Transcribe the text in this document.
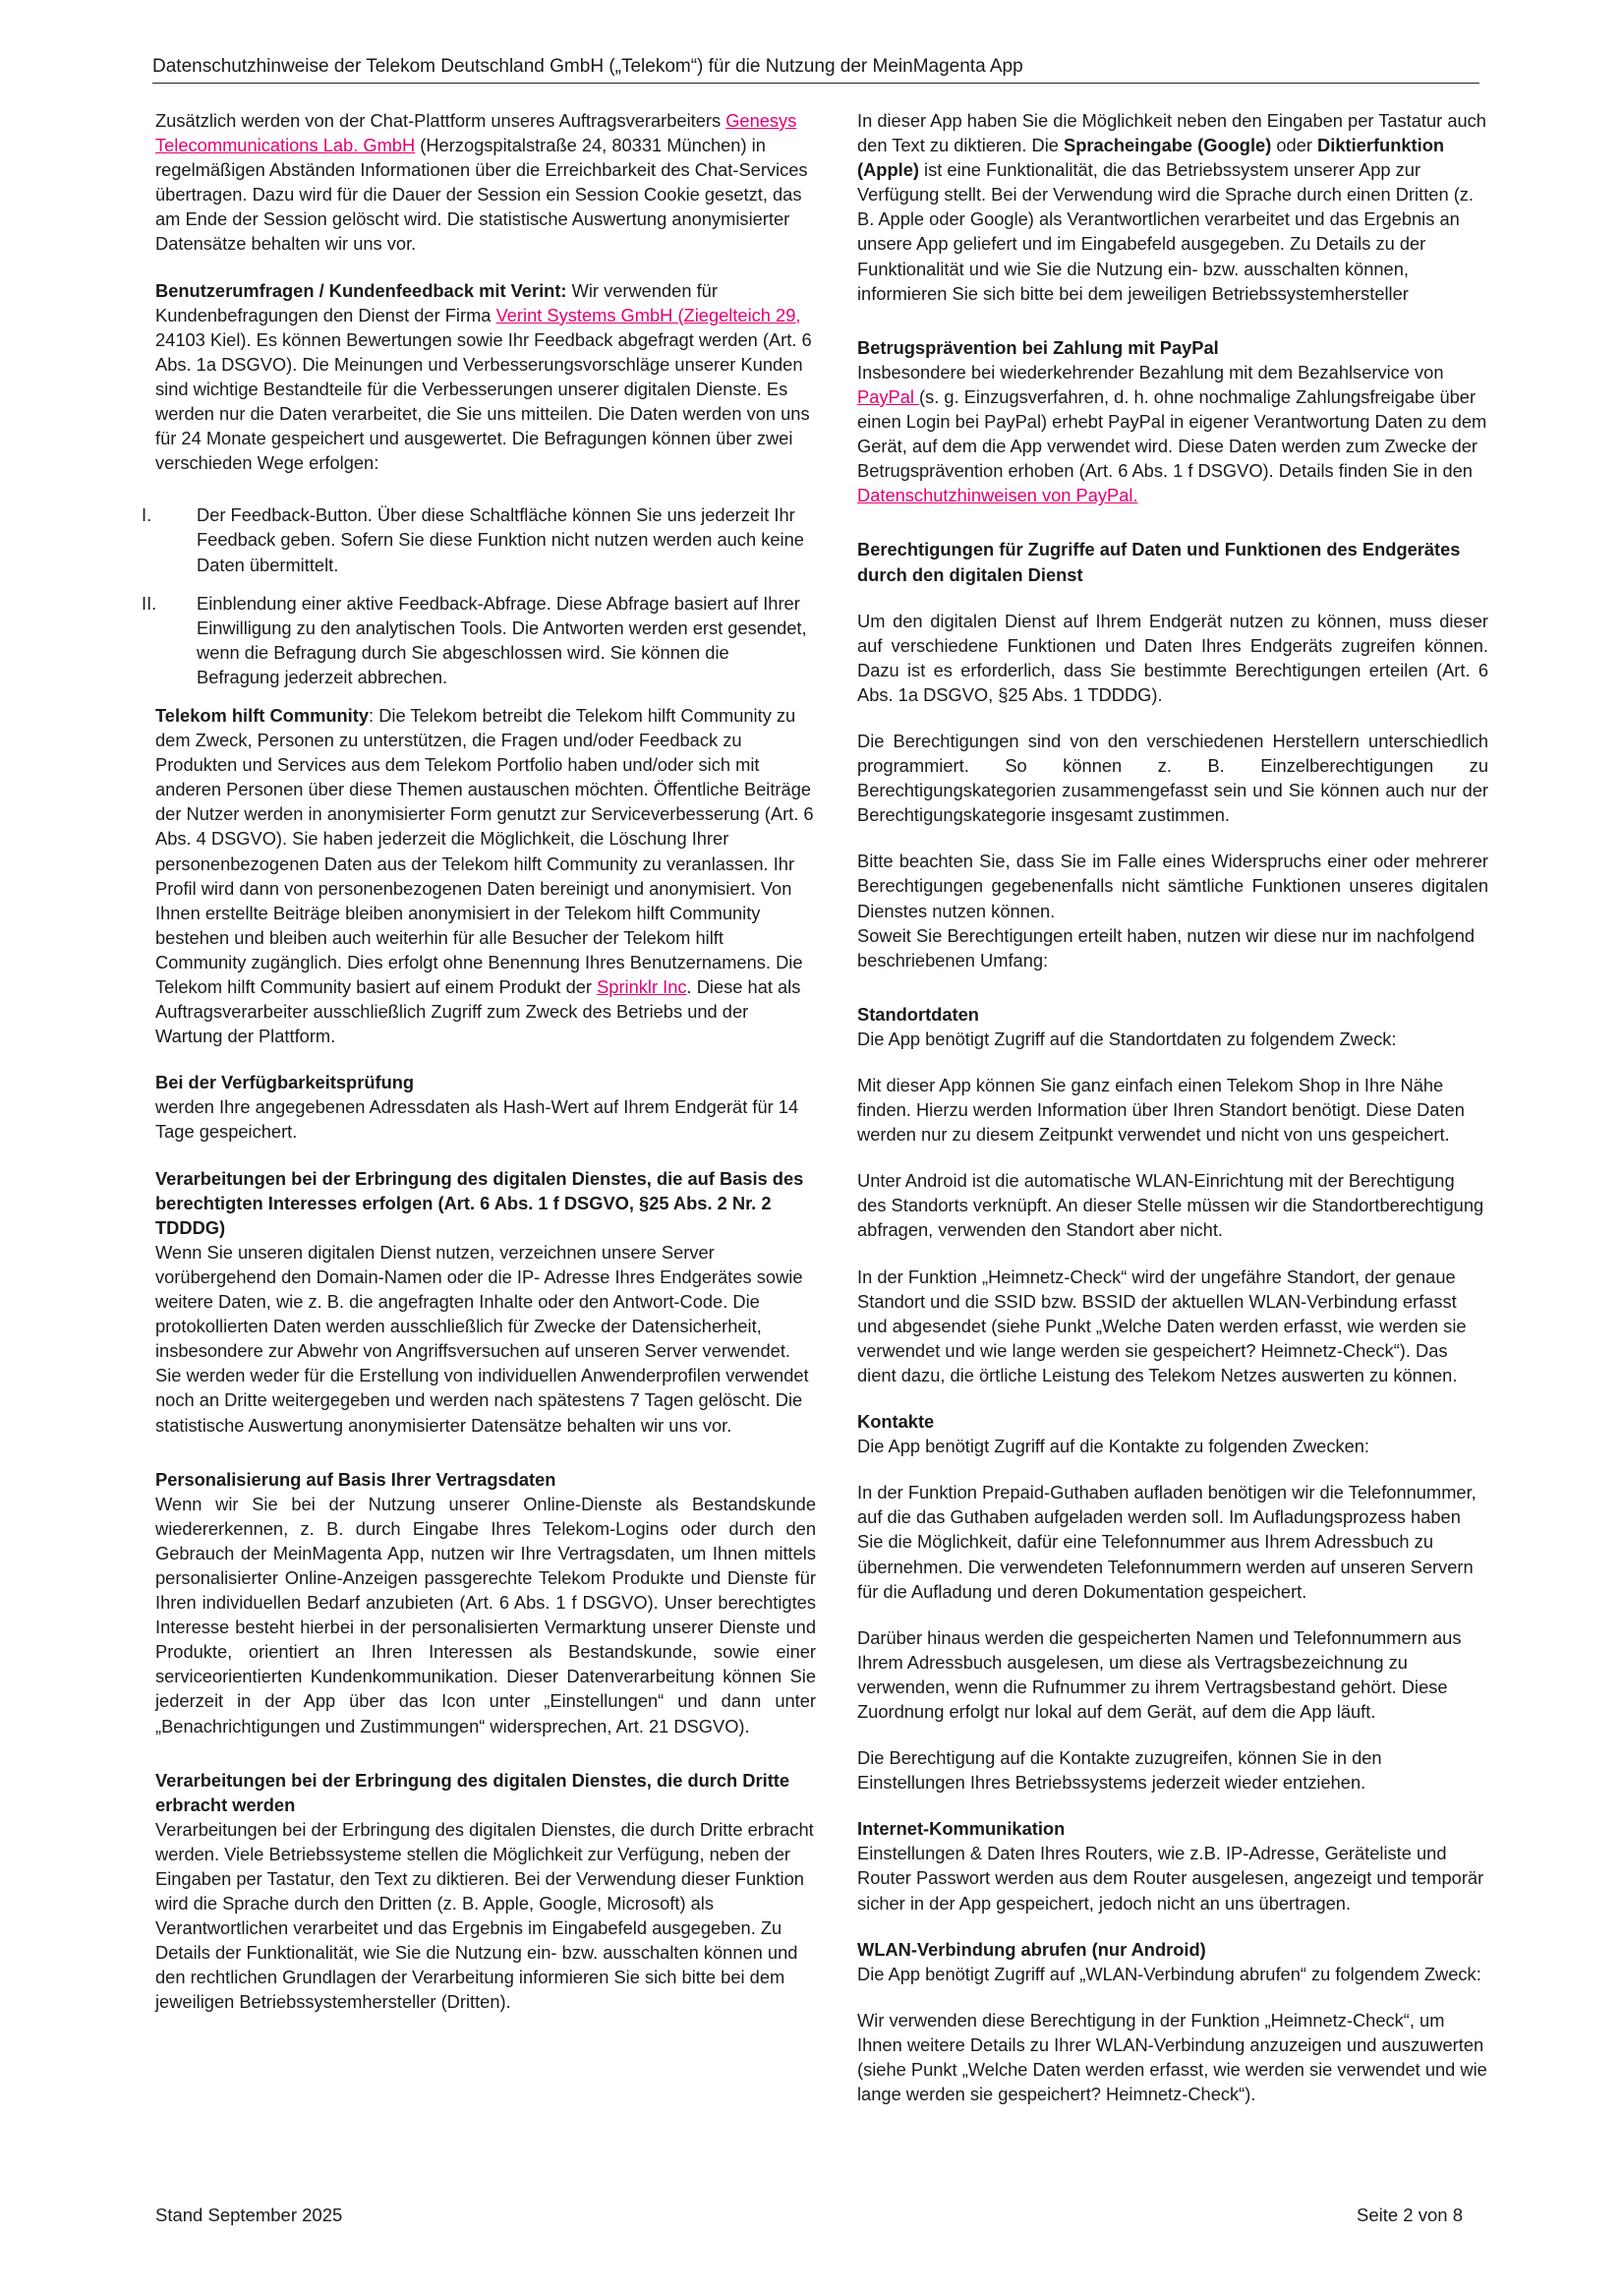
Datenschutzhinweise der Telekom Deutschland GmbH („Telekom“) für die Nutzung der MeinMagenta App

Zusätzlich werden von der Chat-Plattform unseres Auftragsverarbeiters Genesys Telecommunications Lab. GmbH (Herzogspitalstraße 24, 80331 München) in regelmäßigen Abständen Informationen über die Erreichbarkeit des Chat-Services übertragen. Dazu wird für die Dauer der Session ein Session Cookie gesetzt, das am Ende der Session gelöscht wird. Die statistische Auswertung anonymisierter Datensätze behalten wir uns vor.

Benutzerumfragen / Kundenfeedback mit Verint: Wir verwenden für Kundenbefragungen den Dienst der Firma Verint Systems GmbH (Ziegelteich 29, 24103 Kiel). Es können Bewertungen sowie Ihr Feedback abgefragt werden (Art. 6 Abs. 1a DSGVO). Die Meinungen und Verbesserungsvorschläge unserer Kunden sind wichtige Bestandteile für die Verbesserungen unserer digitalen Dienste. Es werden nur die Daten verarbeitet, die Sie uns mitteilen. Die Daten werden von uns für 24 Monate gespeichert und ausgewertet. Die Befragungen können über zwei verschieden Wege erfolgen:

I.	Der Feedback-Button. Über diese Schaltfläche können Sie uns jederzeit Ihr Feedback geben. Sofern Sie diese Funktion nicht nutzen werden auch keine Daten übermittelt.
II.	Einblendung einer aktive Feedback-Abfrage. Diese Abfrage basiert auf Ihrer Einwilligung zu den analytischen Tools. Die Antworten werden erst gesendet, wenn die Befragung durch Sie abgeschlossen wird. Sie können die Befragung jederzeit abbrechen.

Telekom hilft Community: Die Telekom betreibt die Telekom hilft Community zu dem Zweck, Personen zu unterstützen, die Fragen und/oder Feedback zu Produkten und Services aus dem Telekom Portfolio haben und/oder sich mit anderen Personen über diese Themen austauschen möchten. Öffentliche Beiträge der Nutzer werden in anonymisierter Form genutzt zur Serviceverbesserung (Art. 6 Abs. 4 DSGVO). Sie haben jederzeit die Möglichkeit, die Löschung Ihrer personenbezogenen Daten aus der Telekom hilft Community zu veranlassen. Ihr Profil wird dann von personenbezogenen Daten bereinigt und anonymisiert. Von Ihnen erstellte Beiträge bleiben anonymisiert in der Telekom hilft Community bestehen und bleiben auch weiterhin für alle Besucher der Telekom hilft Community zugänglich. Dies erfolgt ohne Benennung Ihres Benutzernamens. Die Telekom hilft Community basiert auf einem Produkt der Sprinklr Inc. Diese hat als Auftragsverarbeiter ausschließlich Zugriff zum Zweck des Betriebs und der Wartung der Plattform.

Bei der Verfügbarkeitsprüfung
werden Ihre angegebenen Adressdaten als Hash-Wert auf Ihrem Endgerät für 14 Tage gespeichert.

Verarbeitungen bei der Erbringung des digitalen Dienstes, die auf Basis des berechtigten Interesses erfolgen (Art. 6 Abs. 1 f DSGVO, §25 Abs. 2 Nr. 2 TDDDG)
Wenn Sie unseren digitalen Dienst nutzen, verzeichnen unsere Server vorübergehend den Domain-Namen oder die IP- Adresse Ihres Endgerätes sowie weitere Daten, wie z. B. die angefragten Inhalte oder den Antwort-Code. Die protokollierten Daten werden ausschließlich für Zwecke der Datensicherheit, insbesondere zur Abwehr von Angriffsversuchen auf unseren Server verwendet. Sie werden weder für die Erstellung von individuellen Anwenderprofilen verwendet noch an Dritte weitergegeben und werden nach spätestens 7 Tagen gelöscht. Die statistische Auswertung anonymisierter Datensätze behalten wir uns vor.

Personalisierung auf Basis Ihrer Vertragsdaten
Wenn wir Sie bei der Nutzung unserer Online-Dienste als Bestandskunde wiedererkennen, z. B. durch Eingabe Ihres Telekom-Logins oder durch den Gebrauch der MeinMagenta App, nutzen wir Ihre Vertragsdaten, um Ihnen mittels personalisierter Online-Anzeigen passgerechte Telekom Produkte und Dienste für Ihren individuellen Bedarf anzubieten (Art. 6 Abs. 1 f DSGVO). Unser berechtigtes Interesse besteht hierbei in der personalisierten Vermarktung unserer Dienste und Produkte, orientiert an Ihren Interessen als Bestandskunde, sowie einer serviceorientierten Kundenkommunikation. Dieser Datenverarbeitung können Sie jederzeit in der App über das Icon unter „Einstellungen“ und dann unter „Benachrichtigungen und Zustimmungen“ widersprechen, Art. 21 DSGVO).

Verarbeitungen bei der Erbringung des digitalen Dienstes, die durch Dritte erbracht werden
Verarbeitungen bei der Erbringung des digitalen Dienstes, die durch Dritte erbracht werden. Viele Betriebssysteme stellen die Möglichkeit zur Verfügung, neben der Eingaben per Tastatur, den Text zu diktieren. Bei der Verwendung dieser Funktion wird die Sprache durch den Dritten (z. B. Apple, Google, Microsoft) als Verantwortlichen verarbeitet und das Ergebnis im Eingabefeld ausgegeben. Zu Details der Funktionalität, wie Sie die Nutzung ein- bzw. ausschalten können und den rechtlichen Grundlagen der Verarbeitung informieren Sie sich bitte bei dem jeweiligen Betriebssystemhersteller (Dritten).

In dieser App haben Sie die Möglichkeit neben den Eingaben per Tastatur auch den Text zu diktieren. Die Spracheingabe (Google) oder Diktierfunktion (Apple) ist eine Funktionalität, die das Betriebssystem unserer App zur Verfügung stellt. Bei der Verwendung wird die Sprache durch einen Dritten (z. B. Apple oder Google) als Verantwortlichen verarbeitet und das Ergebnis an unsere App geliefert und im Eingabefeld ausgegeben. Zu Details zu der Funktionalität und wie Sie die Nutzung ein- bzw. ausschalten können, informieren Sie sich bitte bei dem jeweiligen Betriebssystemhersteller

Betrugsprävention bei Zahlung mit PayPal
Insbesondere bei wiederkehrender Bezahlung mit dem Bezahlservice von PayPal (s. g. Einzugsverfahren, d. h. ohne nochmalige Zahlungsfreigabe über einen Login bei PayPal) erhebt PayPal in eigener Verantwortung Daten zu dem Gerät, auf dem die App verwendet wird. Diese Daten werden zum Zwecke der Betrugsprävention erhoben (Art. 6 Abs. 1 f DSGVO). Details finden Sie in den Datenschutzhinweisen von PayPal.

Berechtigungen für Zugriffe auf Daten und Funktionen des Endgerätes durch den digitalen Dienst

Um den digitalen Dienst auf Ihrem Endgerät nutzen zu können, muss dieser auf verschiedene Funktionen und Daten Ihres Endgeräts zugreifen können. Dazu ist es erforderlich, dass Sie bestimmte Berechtigungen erteilen (Art. 6 Abs. 1a DSGVO, §25 Abs. 1 TDDDG).

Die Berechtigungen sind von den verschiedenen Herstellern unterschiedlich programmiert. So können z. B. Einzelberechtigungen zu Berechtigungskategorien zusammengefasst sein und Sie können auch nur der Berechtigungskategorie insgesamt zustimmen.

Bitte beachten Sie, dass Sie im Falle eines Widerspruchs einer oder mehrerer Berechtigungen gegebenenfalls nicht sämtliche Funktionen unseres digitalen Dienstes nutzen können.

Soweit Sie Berechtigungen erteilt haben, nutzen wir diese nur im nachfolgend beschriebenen Umfang:

Standortdaten
Die App benötigt Zugriff auf die Standortdaten zu folgendem Zweck:

Mit dieser App können Sie ganz einfach einen Telekom Shop in Ihre Nähe finden. Hierzu werden Information über Ihren Standort benötigt. Diese Daten werden nur zu diesem Zeitpunkt verwendet und nicht von uns gespeichert.

Unter Android ist die automatische WLAN-Einrichtung mit der Berechtigung des Standorts verknüpft. An dieser Stelle müssen wir die Standortberechtigung abfragen, verwenden den Standort aber nicht.

In der Funktion „Heimnetz-Check“ wird der ungefähre Standort, der genaue Standort und die SSID bzw. BSSID der aktuellen WLAN-Verbindung erfasst und abgesendet (siehe Punkt „Welche Daten werden erfasst, wie werden sie verwendet und wie lange werden sie gespeichert? Heimnetz-Check“). Das dient dazu, die örtliche Leistung des Telekom Netzes auswerten zu können.

Kontakte
Die App benötigt Zugriff auf die Kontakte zu folgenden Zwecken:

In der Funktion Prepaid-Guthaben aufladen benötigen wir die Telefonnummer, auf die das Guthaben aufgeladen werden soll. Im Aufladungsprozess haben Sie die Möglichkeit, dafür eine Telefonnummer aus Ihrem Adressbuch zu übernehmen. Die verwendeten Telefonnummern werden auf unseren Servern für die Aufladung und deren Dokumentation gespeichert.

Darüber hinaus werden die gespeicherten Namen und Telefonnummern aus Ihrem Adressbuch ausgelesen, um diese als Vertragsbezeichnung zu verwenden, wenn die Rufnummer zu ihrem Vertragsbestand gehört. Diese Zuordnung erfolgt nur lokal auf dem Gerät, auf dem die App läuft.

Die Berechtigung auf die Kontakte zuzugreifen, können Sie in den Einstellungen Ihres Betriebssystems jederzeit wieder entziehen.

Internet-Kommunikation
Einstellungen & Daten Ihres Routers, wie z.B. IP-Adresse, Geräteliste und Router Passwort werden aus dem Router ausgelesen, angezeigt und temporär sicher in der App gespeichert, jedoch nicht an uns übertragen.

WLAN-Verbindung abrufen (nur Android)
Die App benötigt Zugriff auf „WLAN-Verbindung abrufen“ zu folgendem Zweck:

Wir verwenden diese Berechtigung in der Funktion „Heimnetz-Check“, um Ihnen weitere Details zu Ihrer WLAN-Verbindung anzuzeigen und auszuwerten (siehe Punkt „Welche Daten werden erfasst, wie werden sie verwendet und wie lange werden sie gespeichert? Heimnetz-Check“).

Stand September 2025	Seite 2 von 8
